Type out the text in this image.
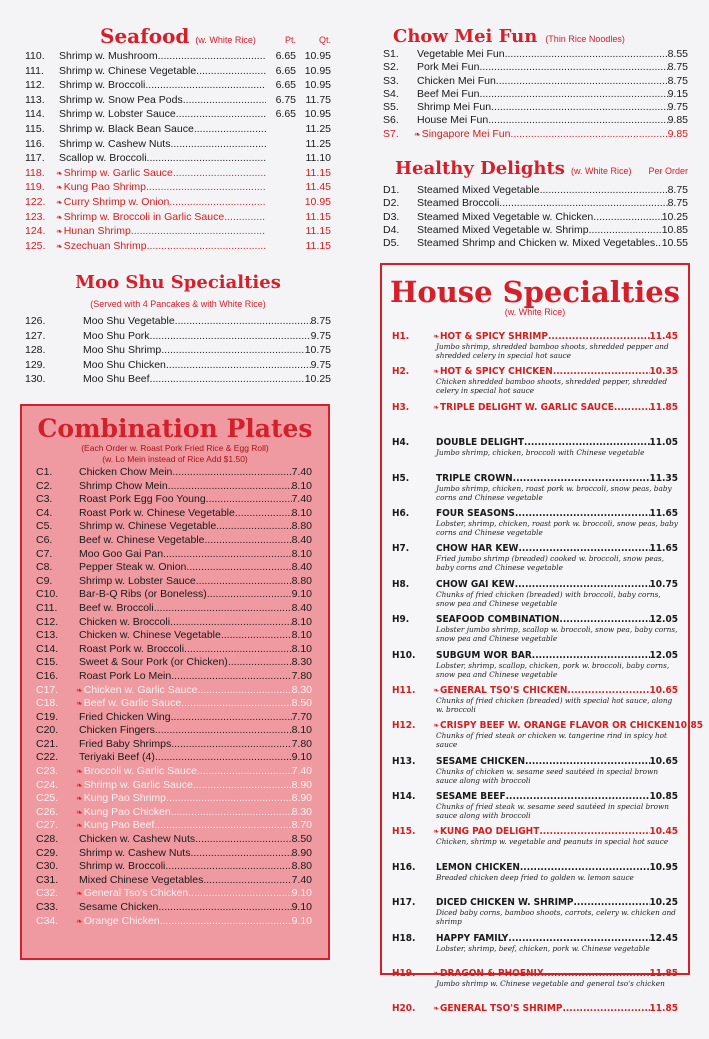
Seafood (w. White Rice)	Pt.	Qt.
110.	Shrimp w. Mushroom .....	6.65 10.95
111.	Shrimp w. Chinese Vegetable .....	6.65 10.95
112.	Shrimp w. Broccoli .....	6.65 10.95
113.	Shrimp w. Snow Pea Pods .....	6.75 11.75
114.	Shrimp w. Lobster Sauce .....	6.65 10.95
115.	Shrimp w. Black Bean Sauce .....	11.25
116.	Shrimp w. Cashew Nuts .....	11.25
117.	Scallop w. Broccoli .....	11.10
118.	❧ Shrimp w. Garlic Sauce .....	11.15
119.	❧ Kung Pao Shrimp .....	11.45
122.	❧ Curry Shrimp w. Onion .....	10.95
123.	❧ Shrimp w. Broccoli in Garlic Sauce .....	11.15
124.	❧ Hunan Shrimp .....	11.15
125.	❧ Szechuan Shrimp .....	11.15
Moo Shu Specialties
(Served with 4 Pancakes & with White Rice)
126.	Moo Shu Vegetable .....	8.75
127.	Moo Shu Pork .....	9.75
128.	Moo Shu Shrimp .....	10.75
129.	Moo Shu Chicken .....	9.75
130.	Moo Shu Beef .....	10.25
Combination Plates
(Each Order w. Roast Pork Fried Rice & Egg Roll)
(w. Lo Mein instead of Rice Add $1.50)
C1.	Chicken Chow Mein .....	7.40
C2.	Shrimp Chow Mein .....	8.10
C3.	Roast Pork Egg Foo Young .....	7.40
C4.	Roast Pork w. Chinese Vegetable .....	8.10
C5.	Shrimp w. Chinese Vegetable .....	8.80
C6.	Beef w. Chinese Vegetable .....	8.40
C7.	Moo Goo Gai Pan .....	8.10
C8.	Pepper Steak w. Onion .....	8.40
C9.	Shrimp w. Lobster Sauce .....	8.80
C10.	Bar-B-Q Ribs (or Boneless) .....	9.10
C11.	Beef w. Broccoli .....	8.40
C12.	Chicken w. Broccoli .....	8.10
C13.	Chicken w. Chinese Vegetable .....	8.10
C14.	Roast Pork w. Broccoli .....	8.10
C15.	Sweet & Sour Pork (or Chicken) .....	8.30
C16.	Roast Pork Lo Mein .....	7.80
C17.	❧ Chicken w. Garlic Sauce .....	8.30
C18.	❧ Beef w. Garlic Sauce .....	8.50
C19.	Fried Chicken Wing .....	7.70
C20.	Chicken Fingers .....	8.10
C21.	Fried Baby Shrimps .....	7.80
C22.	Teriyaki Beef (4) .....	9.10
C23.	❧ Broccoli w. Garlic Sauce .....	7.40
C24.	❧ Shrimp w. Garlic Sauce .....	8.90
C25.	❧ Kung Pao Shrimp .....	8.90
C26.	❧ Kung Pao Chicken .....	8.30
C27.	❧ Kung Pao Beef .....	8.70
C28.	Chicken w. Cashew Nuts .....	8.50
C29.	Shrimp w. Cashew Nuts .....	8.90
C30.	Shrimp w. Broccoli .....	8.80
C31.	Mixed Chinese Vegetables .....	7.40
C32.	❧ General Tso's Chicken .....	9.10
C33.	Sesame Chicken .....	9.10
C34.	❧ Orange Chicken .....	9.10
Chow Mei Fun (Thin Rice Noodles)
S1.	Vegetable Mei Fun .....	8.55
S2.	Pork Mei Fun .....	8.75
S3.	Chicken Mei Fun .....	8.75
S4.	Beef Mei Fun .....	9.15
S5.	Shrimp Mei Fun .....	9.75
S6.	House Mei Fun .....	9.85
S7.	❧ Singapore Mei Fun .....	9.85
Healthy Delights (w. White Rice) Per Order
D1.	Steamed Mixed Vegetable .....	8.75
D2.	Steamed Broccoli .....	8.75
D3.	Steamed Mixed Vegetable w. Chicken .....	10.25
D4.	Steamed Mixed Vegetable w. Shrimp .....	10.85
D5.	Steamed Shrimp and Chicken w. Mixed Vegetables ..... 10.55
House Specialties
(w. White Rice)
H1.	❧ HOT & SPICY SHRIMP .....	11.45
Jumbo shrimp, shredded bamboo shoots, shredded pepper and shredded celery in special hot sauce
H2.	❧ HOT & SPICY CHICKEN .....	10.35
Chicken shredded bamboo shoots, shredded pepper, shredded celery in special hot sauce
H3.	❧ TRIPLE DELIGHT W. GARLIC SAUCE .....	11.85
H4.	DOUBLE DELIGHT .....	11.05
Jumbo shrimp, chicken, broccoli with Chinese vegetable
H5.	TRIPLE CROWN .....	11.35
Jumbo shrimp, chicken, roast pork w. broccoli, snow peas, baby corns and Chinese vegetable
H6.	FOUR SEASONS .....	11.65
Lobster, shrimp, chicken, roast pork w. broccoli, snow peas, baby corns and Chinese vegetable
H7.	CHOW HAR KEW .....	11.65
Fried jumbo shrimp (breaded) cooked w. broccoli, snow peas, baby corns and Chinese vegetable
H8.	CHOW GAI KEW .....	10.75
Chunks of fried chicken (breaded) with broccoli, baby corns, snow pea and Chinese vegetable
H9.	SEAFOOD COMBINATION .....	12.05
Lobster jumbo shrimp, scallop w. broccoli, snow pea, baby corns, snow pea and Chinese vegetable
H10.	SUBGUM WOR BAR .....	12.05
Lobster, shrimp, scallop, chicken, pork w. broccoli, baby corns, snow pea and Chinese vegetable
H11.	❧ GENERAL TSO'S CHICKEN .....	10.65
Chunks of fried chicken (breaded) with special hot sauce, along w. broccoli
H12.	❧ CRISPY BEEF W. ORANGE FLAVOR OR CHICKEN 10.85
Chunks of fried steak or chicken w. tangerine rind in spicy hot sauce
H13.	SESAME CHICKEN .....	10.65
Chunks of chicken w. sesame seed sautéed in special brown sauce along with broccoli
H14.	SESAME BEEF .....	10.85
Chunks of fried steak w. sesame seed sautéed in special brown sauce along with broccoli
H15.	❧ KUNG PAO DELIGHT .....	10.45
Chicken, shrimp w. vegetable and peanuts in special hot sauce
H16.	LEMON CHICKEN .....	10.95
Breaded chicken deep fried to golden w. lemon sauce
H17.	DICED CHICKEN W. SHRIMP .....	10.25
Diced baby corns, bamboo shoots, carrots, celery w. chicken and shrimp
H18.	HAPPY FAMILY .....	12.45
Lobster, shrimp, beef, chicken, pork w. Chinese vegetable
H19.	❧ DRAGON & PHOENIX .....	11.85
Jumbo shrimp w. Chinese vegetable and general tso's chicken
H20.	❧ GENERAL TSO'S SHRIMP .....	11.85
